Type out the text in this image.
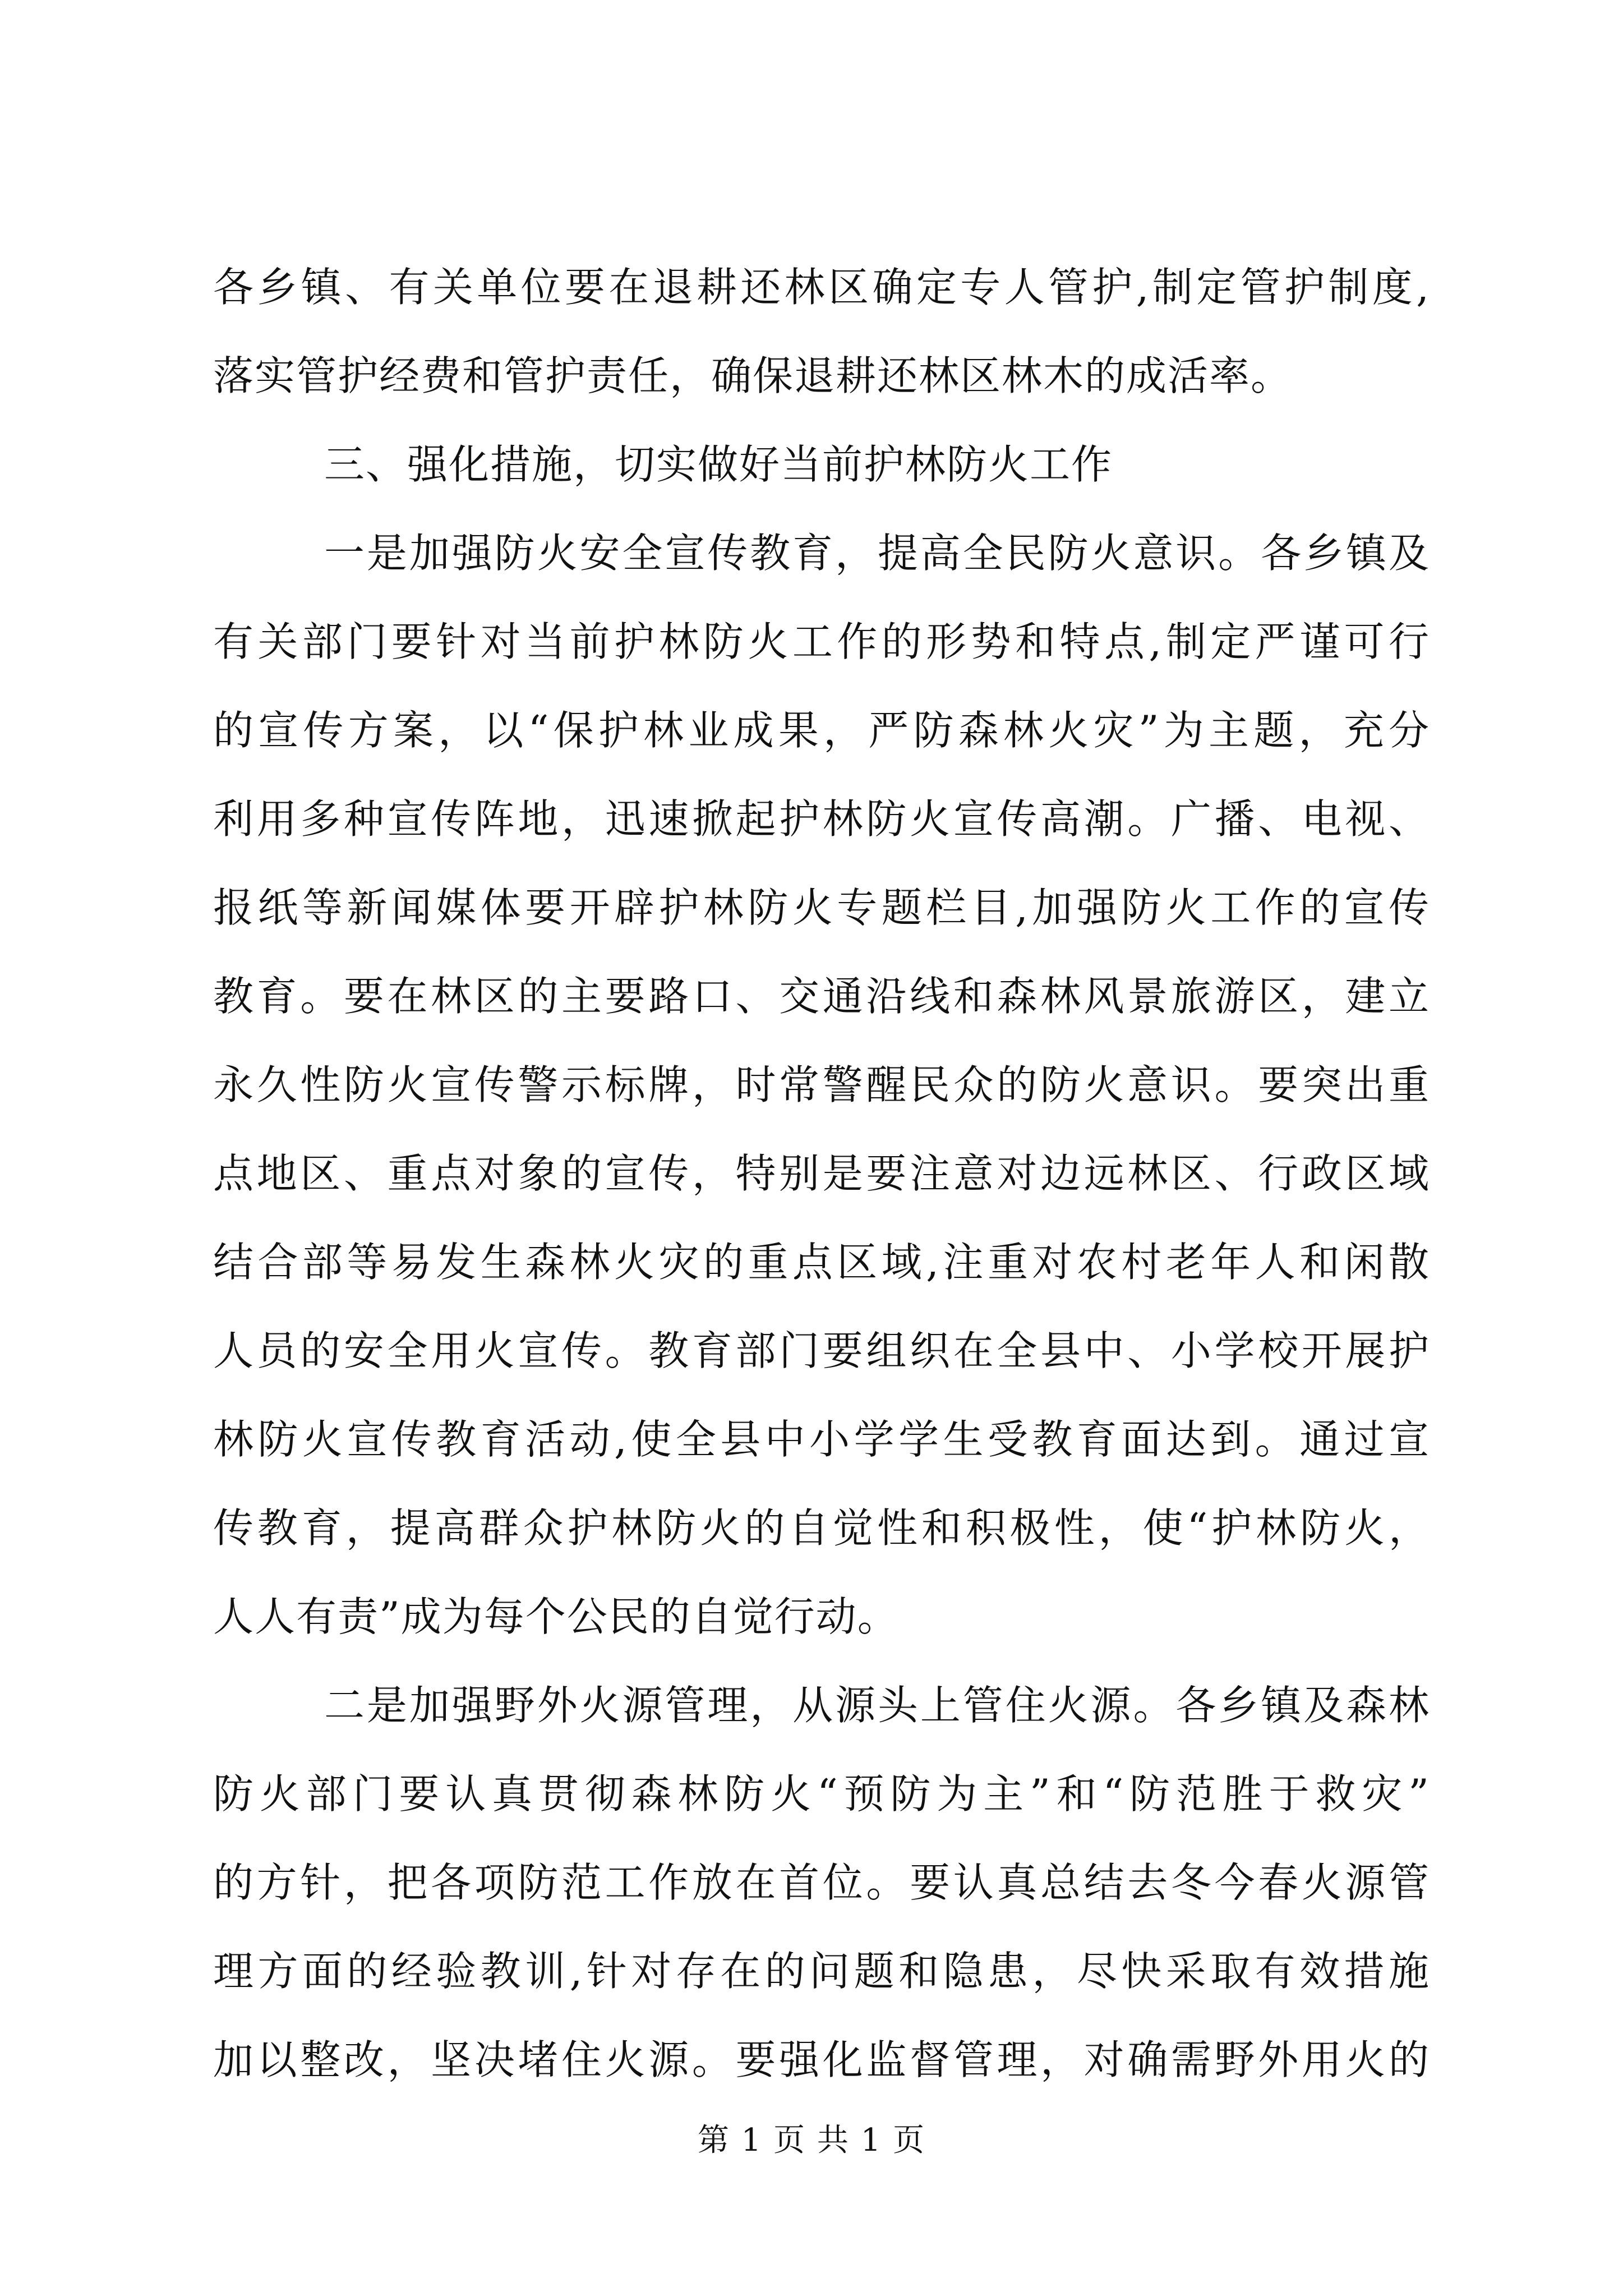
各乡镇、有关单位要在退耕还林区确定专人管护,制定管护制度,
落实管护经费和管护责任，确保退耕还林区林木的成活率。
三、强化措施，切实做好当前护林防火工作
一是加强防火安全宣传教育，提高全民防火意识。各乡镇及
有关部门要针对当前护林防火工作的形势和特点,制定严谨可行
的宣传方案，以“保护林业成果，严防森林火灾”为主题，充分
利用多种宣传阵地，迅速掀起护林防火宣传高潮。广播、电视、
报纸等新闻媒体要开辟护林防火专题栏目,加强防火工作的宣传
教育。要在林区的主要路口、交通沿线和森林风景旅游区，建立
永久性防火宣传警示标牌，时常警醒民众的防火意识。要突出重
点地区、重点对象的宣传，特别是要注意对边远林区、行政区域
结合部等易发生森林火灾的重点区域,注重对农村老年人和闲散
人员的安全用火宣传。教育部门要组织在全县中、小学校开展护
林防火宣传教育活动,使全县中小学学生受教育面达到。通过宣
传教育，提高群众护林防火的自觉性和积极性，使“护林防火，
人人有责”成为每个公民的自觉行动。
二是加强野外火源管理，从源头上管住火源。各乡镇及森林
防火部门要认真贯彻森林防火“预防为主”和“防范胜于救灾”
的方针，把各项防范工作放在首位。要认真总结去冬今春火源管
理方面的经验教训,针对存在的问题和隐患，尽快采取有效措施
加以整改，坚决堵住火源。要强化监督管理，对确需野外用火的
第 1 页 共 1 页
